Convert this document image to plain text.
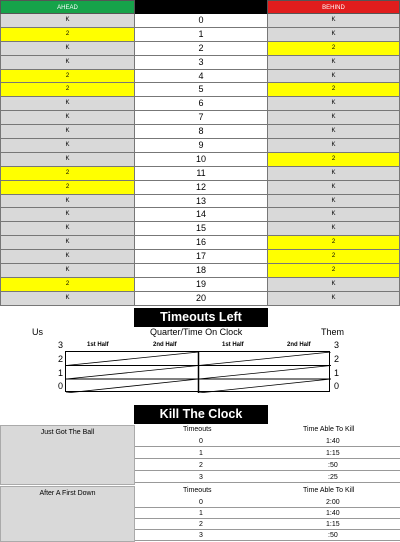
AHEAD	BEHIND
K	0	K
2	1	K
K	2	2
K	3	K
2	4	K
2	5	2
K	6	K
K	7	K
K	8	K
K	9	K
K	10	2
2	11	K
2	12	K
K	13	K
K	14	K
K	15	K
K	16	2
K	17	2
K	18	2
2	19	K
K	20	K
Timeouts Left
Us	Quarter/Time On Clock	Them
1st Half	2nd Half	1st Half	2nd Half
3
2
1
0
3
2
1
0
Kill The Clock
Just Got The Ball	Timeouts	Time Able To Kill
0	1:40
1	1:15
2	:50
3	:25
After A First Down	Timeouts	Time Able To Kill
0	2:00
1	1:40
2	1:15
3	:50
